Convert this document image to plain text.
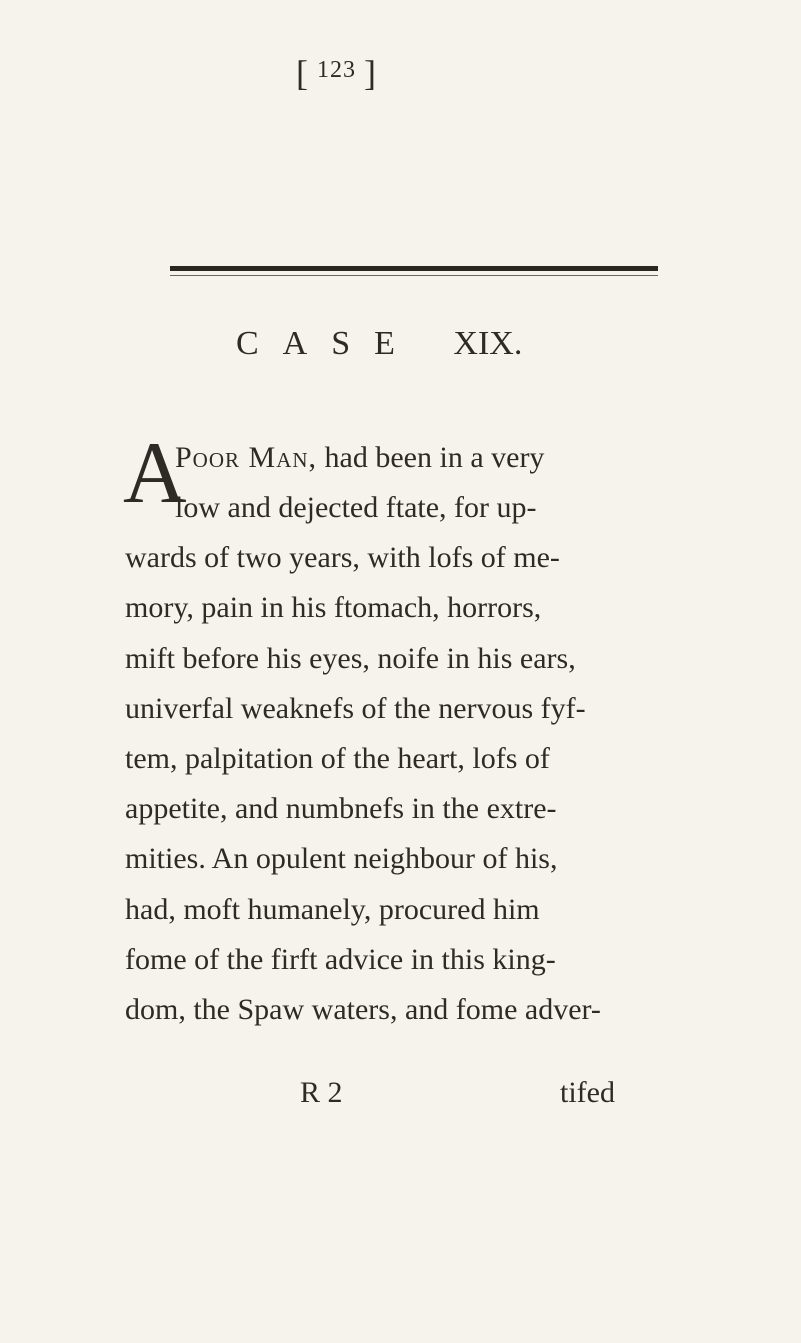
[ $^{123}$ ]
CASE XIX.
A
Poor Man, had been in a very
low and dejected ftate, for up-
wards of two years, with lofs of me-
mory, pain in his ftomach, horrors,
mift before his eyes, noife in his ears,
univerfal weaknefs of the nervous fyf-
tem, palpitation of the heart, lofs of
appetite, and numbnefs in the extre-
mities. An opulent neighbour of his,
had, moft humanely, procured him
fome of the firft advice in this king-
dom, the Spaw waters, and fome adver-
R 2	tifed
